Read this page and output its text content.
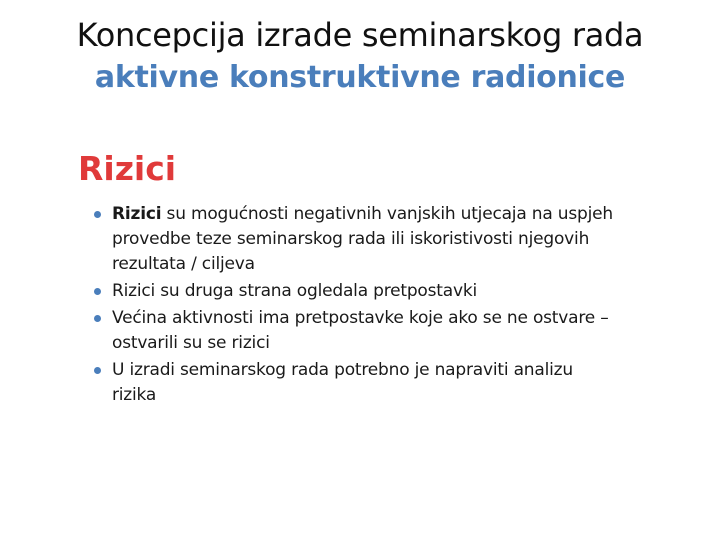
Koncepcija izrade seminarskog rada
aktivne konstruktivne radionice
Rizici
Rizici su mogućnosti negativnih vanjskih utjecaja na uspjeh provedbe teze seminarskog rada ili iskoristivosti njegovih rezultata / ciljeva
Rizici su druga strana ogledala pretpostavki
Većina aktivnosti ima pretpostavke koje ako se ne ostvare – ostvarili su se rizici
U izradi seminarskog rada potrebno je napraviti analizu rizika
